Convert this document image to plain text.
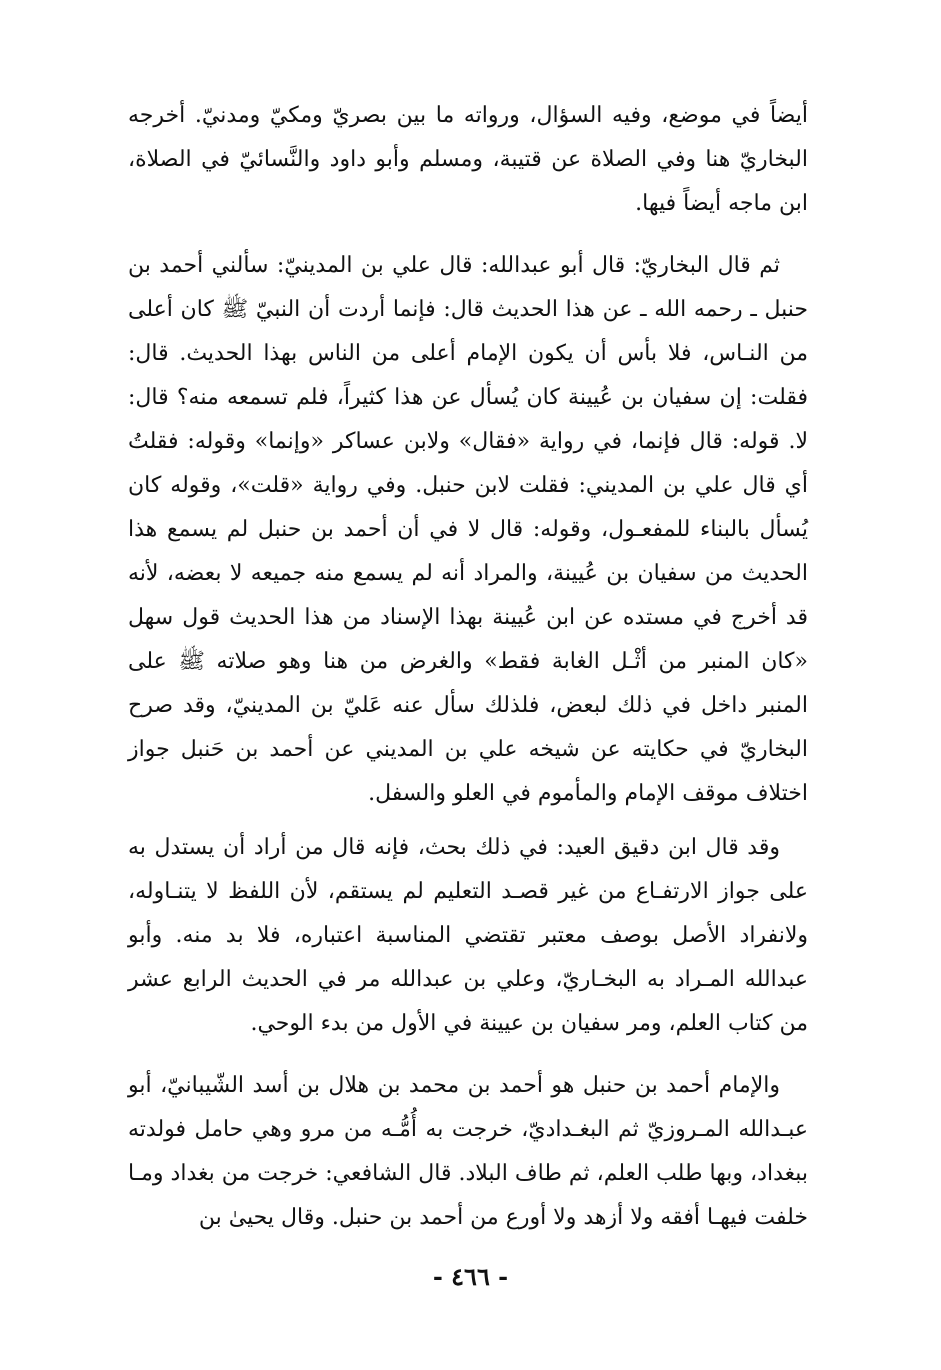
أيضاً في موضع، وفيه السؤال، ورواته ما بين بصريّ ومكيّ ومدنيّ. أخرجه البخاريّ هنا وفي الصلاة عن قتيبة، ومسلم وأبو داود والنَّسائيّ في الصلاة، ابن ماجه أيضاً فيها.

ثم قال البخاريّ: قال أبو عبدالله: قال علي بن المدينيّ: سألني أحمد بن حنبل ـ رحمه الله ـ عن هذا الحديث قال: فإنما أردت أن النبيّ ﷺ كان أعلى من النـاس، فلا بأس أن يكون الإمام أعلى من الناس بهذا الحديث. قال: فقلت: إن سفيان بن عُيينة كان يُسأل عن هذا كثيراً، فلم تسمعه منه؟ قال: لا. قوله: قال فإنما، في رواية «فقال» ولابن عساكر «وإنما» وقوله: فقلتُ أي قال علي بن المديني: فقلت لابن حنبل. وفي رواية «قلت»، وقوله كان يُسأل بالبناء للمفعـول، وقوله: قال لا في أن أحمد بن حنبل لم يسمع هذا الحديث من سفيان بن عُيينة، والمراد أنه لم يسمع منه جميعه لا بعضه، لأنه قد أخرج في مستده عن ابن عُيينة بهذا الإسناد من هذا الحديث قول سهل «كان المنبر من أثْـل الغابة فقط» والغرض من هنا وهو صلاته ﷺ على المنبر داخل في ذلك لبعض، فلذلك سأل عنه عَليّ بن المدينيّ، وقد صرح البخاريّ في حكايته عن شيخه علي بن المديني عن أحمد بن حَنبل جواز اختلاف موقف الإمام والمأموم في العلو والسفل.

وقد قال ابن دقيق العيد: في ذلك بحث، فإنه قال من أراد أن يستدل به على جواز الارتفـاع من غير قصـد التعليم لم يستقم، لأن اللفظ لا يتنـاوله، ولانفراد الأصل بوصف معتبر تقتضي المناسبة اعتباره، فلا بد منه. وأبو عبدالله المـراد به البخـاريّ، وعلي بن عبدالله مر في الحديث الرابع عشر من كتاب العلم، ومر سفيان بن عيينة في الأول من بدء الوحي.

والإمام أحمد بن حنبل هو أحمد بن محمد بن هلال بن أسد الشّيبانيّ، أبو عبـدالله المـروزيّ ثم البغـداديّ، خرجت به أُمُّـه من مرو وهي حامل فولدته ببغداد، وبها طلب العلم، ثم طاف البلاد. قال الشافعي: خرجت من بغداد ومـا خلفت فيهـا أفقه ولا أزهد ولا أورع من أحمد بن حنبل. وقال يحيىٰ بن

- ٤٦٦ -
